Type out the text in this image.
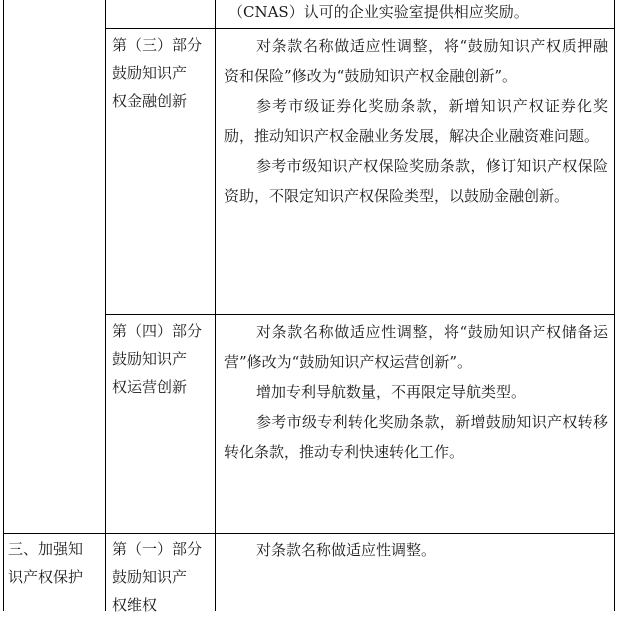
（CNAS）认可的企业实验室提供相应奖励。

第（三）部分
鼓励知识产
权金融创新

对条款名称做适应性调整，将“鼓励知识产权质押融资和保险”修改为“鼓励知识产权金融创新”。

参考市级证券化奖励条款，新增知识产权证券化奖励，推动知识产权金融业务发展，解决企业融资难问题。

参考市级知识产权保险奖励条款，修订知识产权保险资助，不限定知识产权保险类型，以鼓励金融创新。

第（四）部分
鼓励知识产
权运营创新

对条款名称做适应性调整，将“鼓励知识产权储备运营”修改为“鼓励知识产权运营创新”。

增加专利导航数量，不再限定导航类型。

参考市级专利转化奖励条款，新增鼓励知识产权转移转化条款，推动专利快速转化工作。

三、加强知
识产权保护
第（一）部分
鼓励知识产
权维权

对条款名称做适应性调整。
